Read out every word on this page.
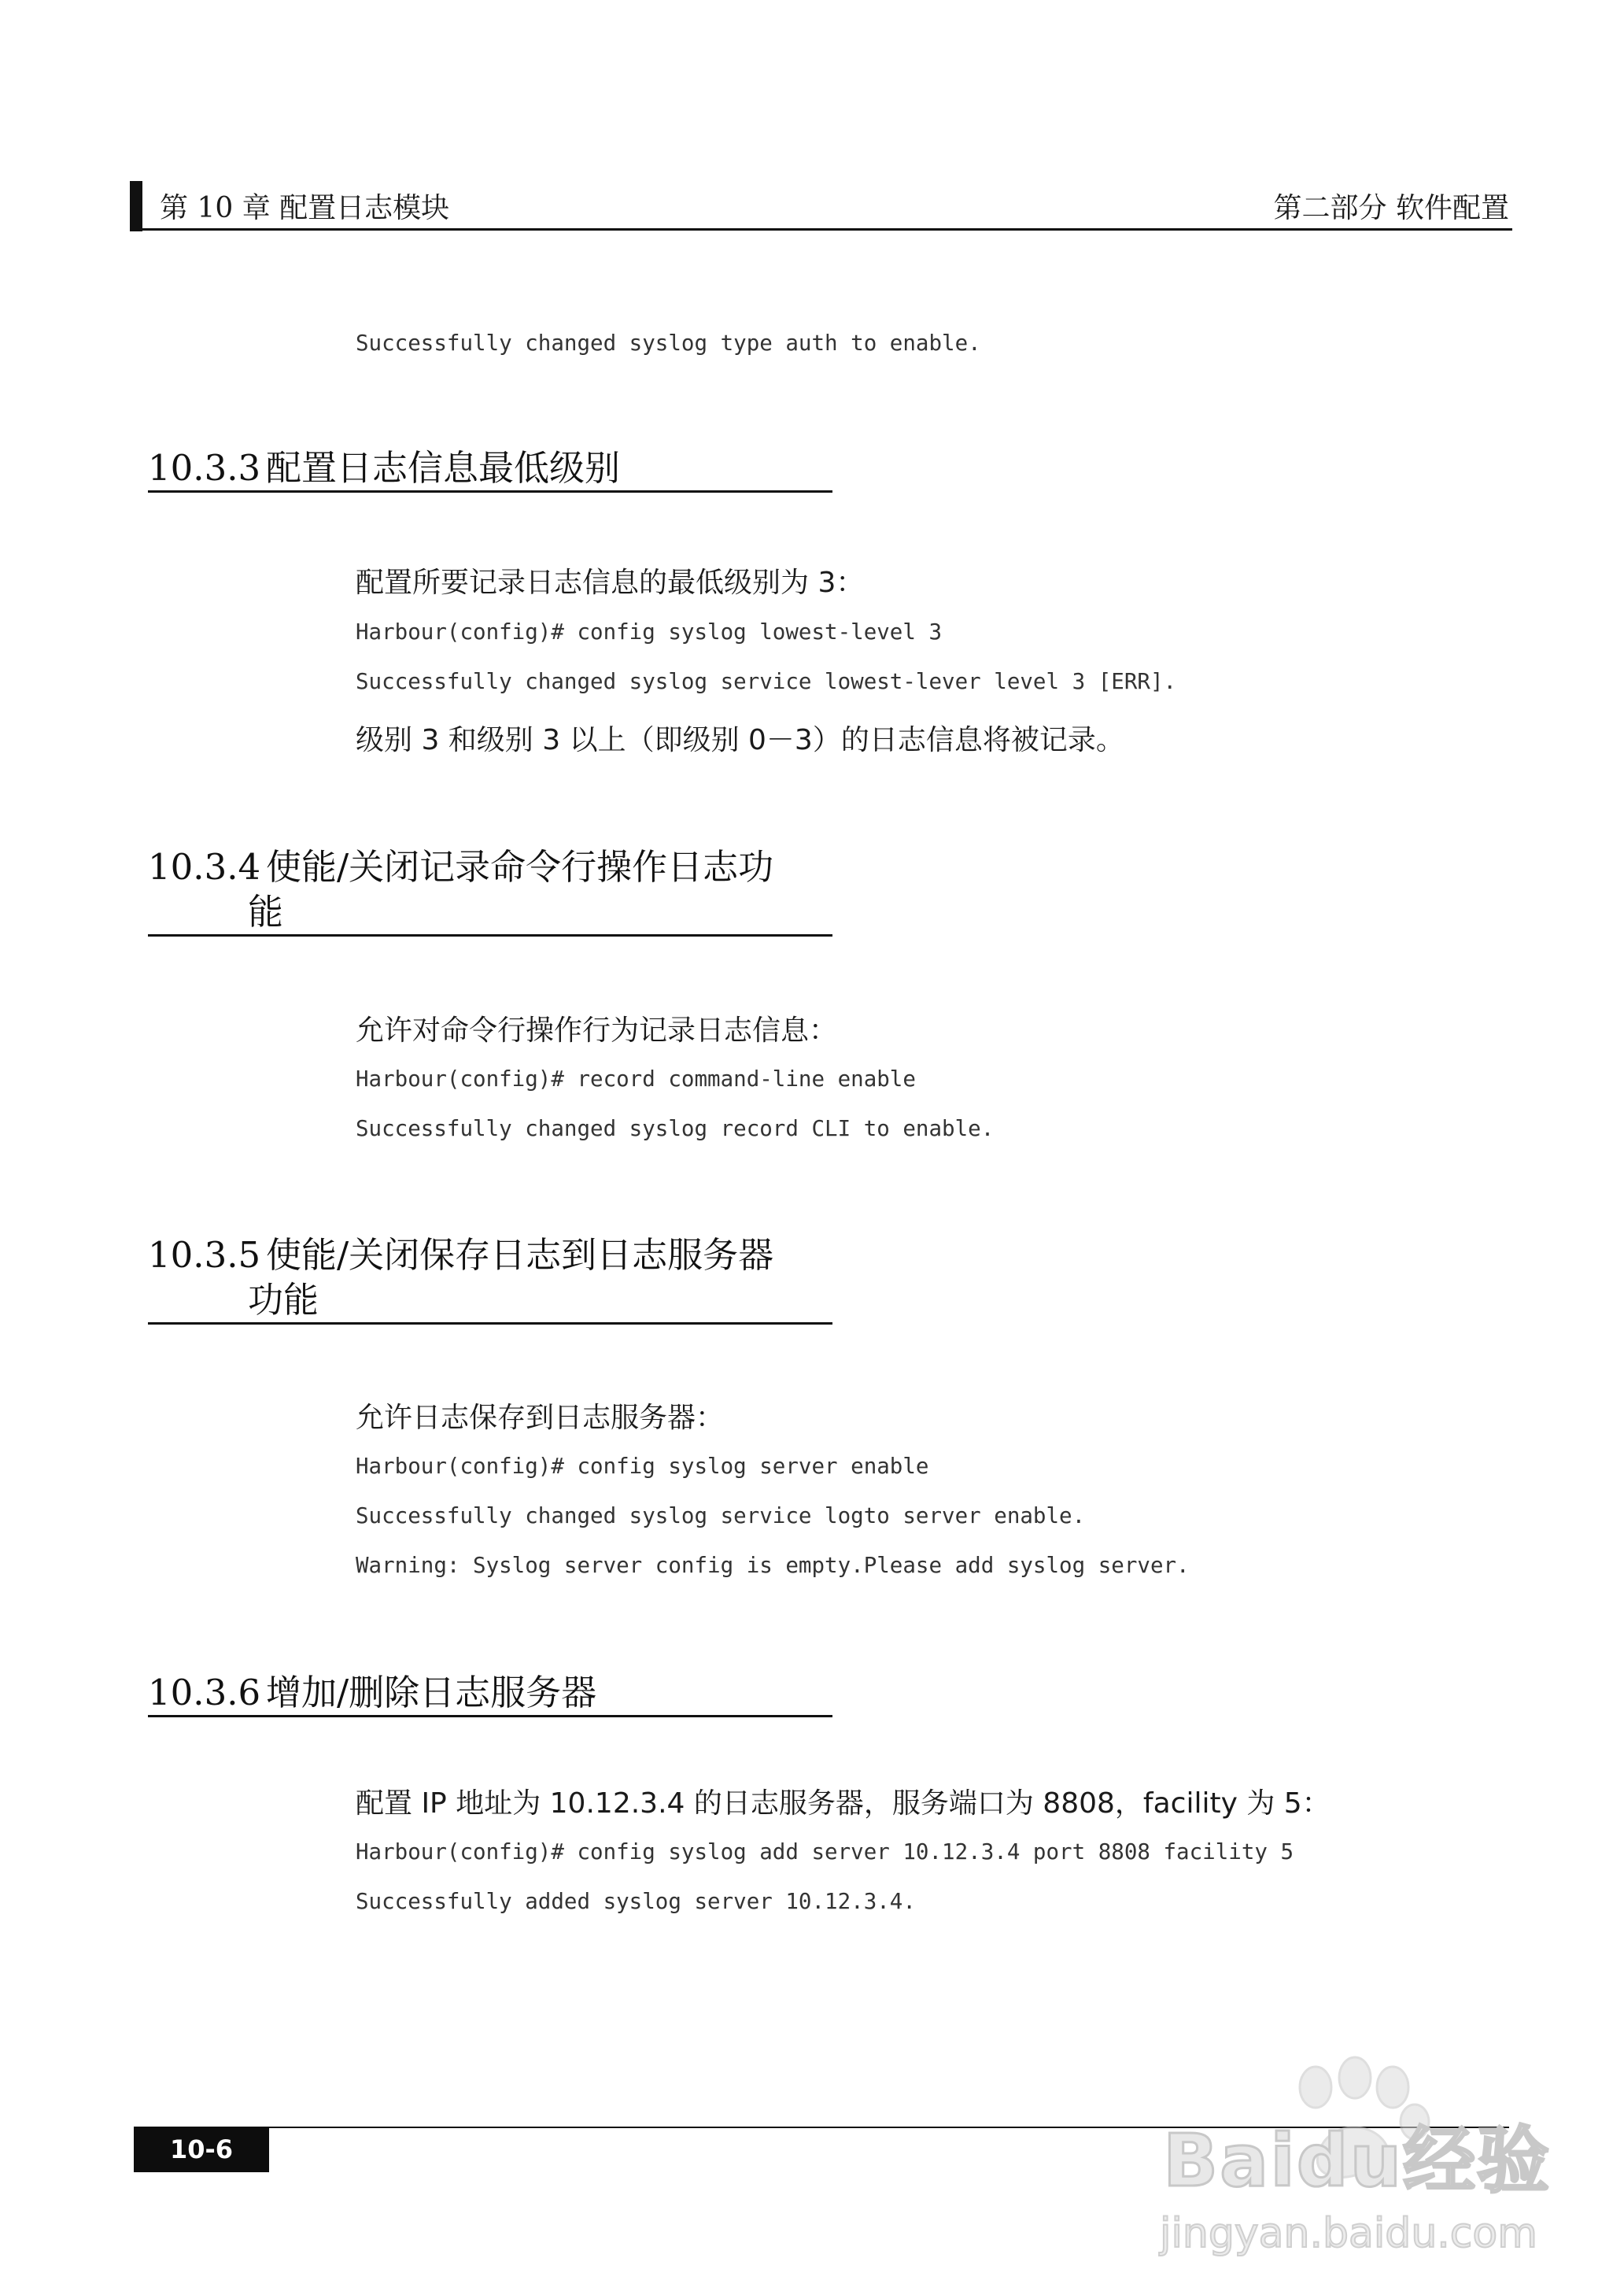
第 10 章 配置日志模块	第二部分 软件配置
Successfully changed syslog type auth to enable.
10.3.3 配置日志信息最低级别
配置所要记录日志信息的最低级别为 3：
Harbour(config)# config syslog lowest-level 3
Successfully changed syslog service lowest-lever level 3 [ERR].
级别 3 和级别 3 以上（即级别 0－3）的日志信息将被记录。
10.3.4 使能/关闭记录命令行操作日志功
能
允许对命令行操作行为记录日志信息：
Harbour(config)# record command-line enable
Successfully changed syslog record CLI to enable.
10.3.5 使能/关闭保存日志到日志服务器
功能
允许日志保存到日志服务器：
Harbour(config)# config syslog server enable
Successfully changed syslog service logto server enable.
Warning: Syslog server config is empty.Please add syslog server.
10.3.6 增加/删除日志服务器
配置 IP 地址为 10.12.3.4 的日志服务器，服务端口为 8808，facility 为 5：
Harbour(config)# config syslog add server 10.12.3.4 port 8808 facility 5
Successfully added syslog server 10.12.3.4.
10-6	Baidu经验
jingyan.baidu.com
